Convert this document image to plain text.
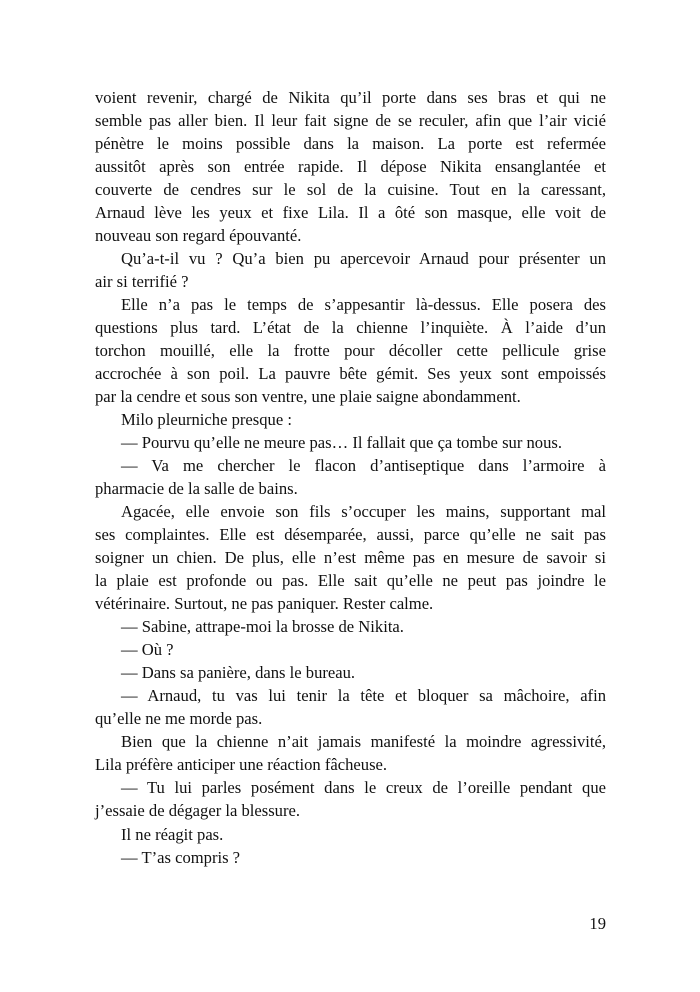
voient revenir, chargé de Nikita qu’il porte dans ses bras et qui ne
semble pas aller bien. Il leur fait signe de se reculer, afin que l’air vicié
pénètre le moins possible dans la maison. La porte est refermée
aussitôt après son entrée rapide. Il dépose Nikita ensanglantée et
couverte de cendres sur le sol de la cuisine. Tout en la caressant,
Arnaud lève les yeux et fixe Lila. Il a ôté son masque, elle voit de
nouveau son regard épouvanté.
Qu’a-t-il vu ? Qu’a bien pu apercevoir Arnaud pour présenter un
air si terrifié ?
Elle n’a pas le temps de s’appesantir là-dessus. Elle posera des
questions plus tard. L’état de la chienne l’inquiète. À l’aide d’un
torchon mouillé, elle la frotte pour décoller cette pellicule grise
accrochée à son poil. La pauvre bête gémit. Ses yeux sont empoissés
par la cendre et sous son ventre, une plaie saigne abondamment.
Milo pleurniche presque :
— Pourvu qu’elle ne meure pas… Il fallait que ça tombe sur nous.
— Va me chercher le flacon d’antiseptique dans l’armoire à
pharmacie de la salle de bains.
Agacée, elle envoie son fils s’occuper les mains, supportant mal
ses complaintes. Elle est désemparée, aussi, parce qu’elle ne sait pas
soigner un chien. De plus, elle n’est même pas en mesure de savoir si
la plaie est profonde ou pas. Elle sait qu’elle ne peut pas joindre le
vétérinaire. Surtout, ne pas paniquer. Rester calme.
— Sabine, attrape-moi la brosse de Nikita.
— Où ?
— Dans sa panière, dans le bureau.
— Arnaud, tu vas lui tenir la tête et bloquer sa mâchoire, afin
qu’elle ne me morde pas.
Bien que la chienne n’ait jamais manifesté la moindre agressivité,
Lila préfère anticiper une réaction fâcheuse.
— Tu lui parles posément dans le creux de l’oreille pendant que
j’essaie de dégager la blessure.
Il ne réagit pas.
— T’as compris ?
19
